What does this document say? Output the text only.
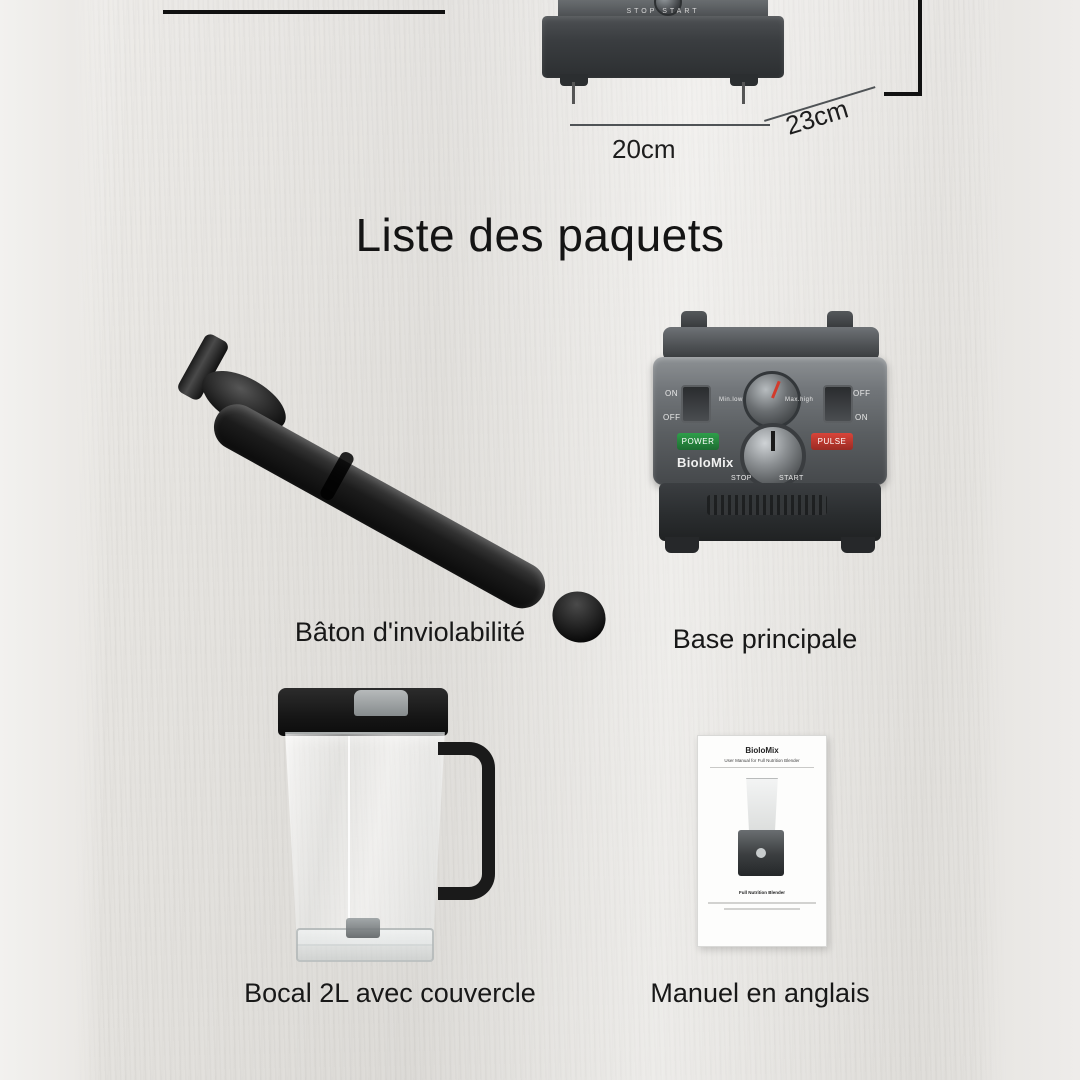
STOP START
20cm
23cm
Liste des paquets
Bâton d'inviolabilité
Min.low	Max.high
ON
OFF
OFF
ON
POWER	PULSE
STOP	START
BioloMix
Base principale
Bocal 2L avec couvercle
BioloMix
User Manual for Full Nutrition Blender
Full Nutrition Blender
Manuel en anglais
